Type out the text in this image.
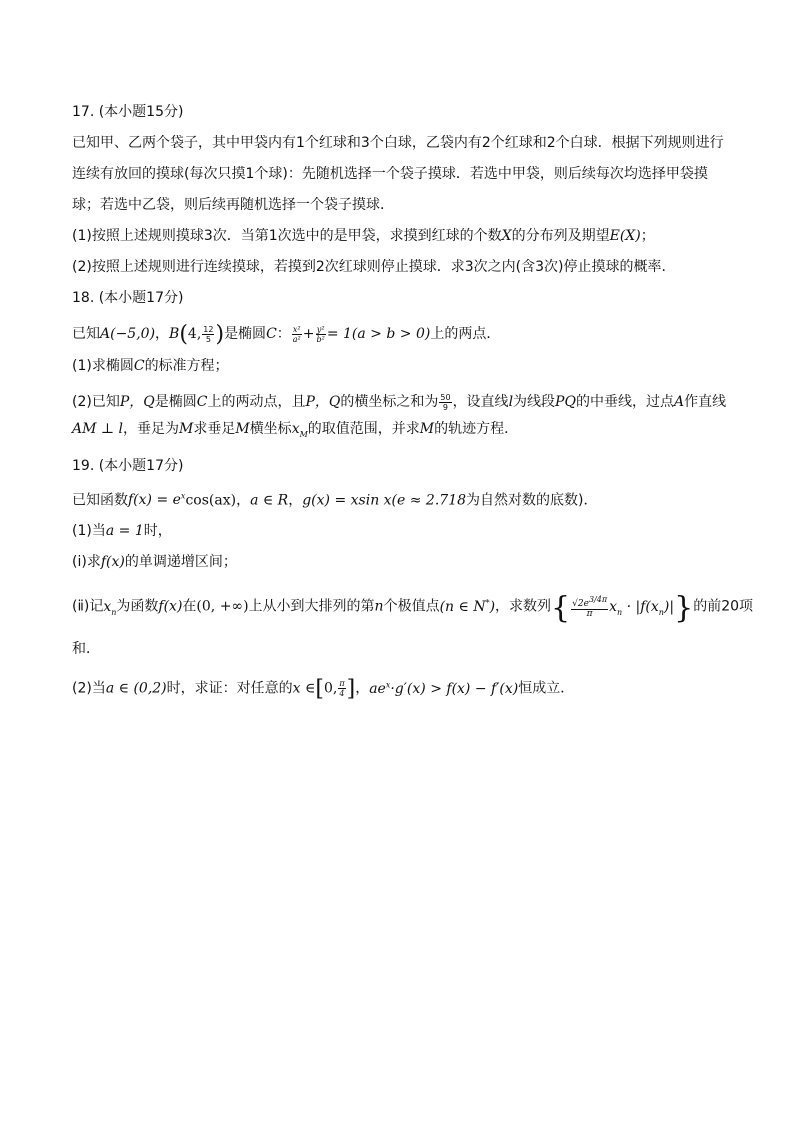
17. (本小题15分)
已知甲、乙两个袋子，其中甲袋内有1个红球和3个白球，乙袋内有2个红球和2个白球．根据下列规则进行
连续有放回的摸球(每次只摸1个球)：先随机选择一个袋子摸球．若选中甲袋，则后续每次均选择甲袋摸
球；若选中乙袋，则后续再随机选择一个袋子摸球．
(1)按照上述规则摸球3次．当第1次选中的是甲袋，求摸到红球的个数X的分布列及期望E(X)；
(2)按照上述规则进行连续摸球，若摸到2次红球则停止摸球．求3次之内(含3次)停止摸球的概率．
18. (本小题17分)
已知A(−5,0)，B(4, $\frac{12}{5}$ )是椭圆C： $\frac{\text{x²}}{\text{a²}} + \frac{\text{y²}}{\text{b²}} = 1(a > b > 0)$上的两点．
(1)求椭圆C的标准方程；
(2)已知P，Q是椭圆C上的两动点，且P，Q的横坐标之和为 $\frac{50}{9}$ ，设直线l为线段PQ的中垂线，过点A作直线
AM ⊥ l，垂足为M求垂足M横坐标$x_M$的取值范围，并求M的轨迹方程．
19. (本小题17分)
已知函数$f(x) = e^x\cos(ax)$，a ∈ R，g(x) = xsin x(e ≈ 2.718为自然对数的底数)．
(1)当a = 1时，
(ⅰ)求f(x)的单调递增区间；
(ⅱ)记$x_n$为函数f(x)在(0, +∞)上从小到大排列的第n个极值点(n ∈ N*)，求数列{ $\frac{√2e^{3/4\pi}}{\pi} x_n \cdot |f(x_n)|$}的前20项
和．
(2)当a ∈ (0,2)时，求证：对任意的x ∈[0, $\frac{\pi}{4}$ ]，$ae^x\cdot g'(x) > f(x) - f'(x)$恒成立．
